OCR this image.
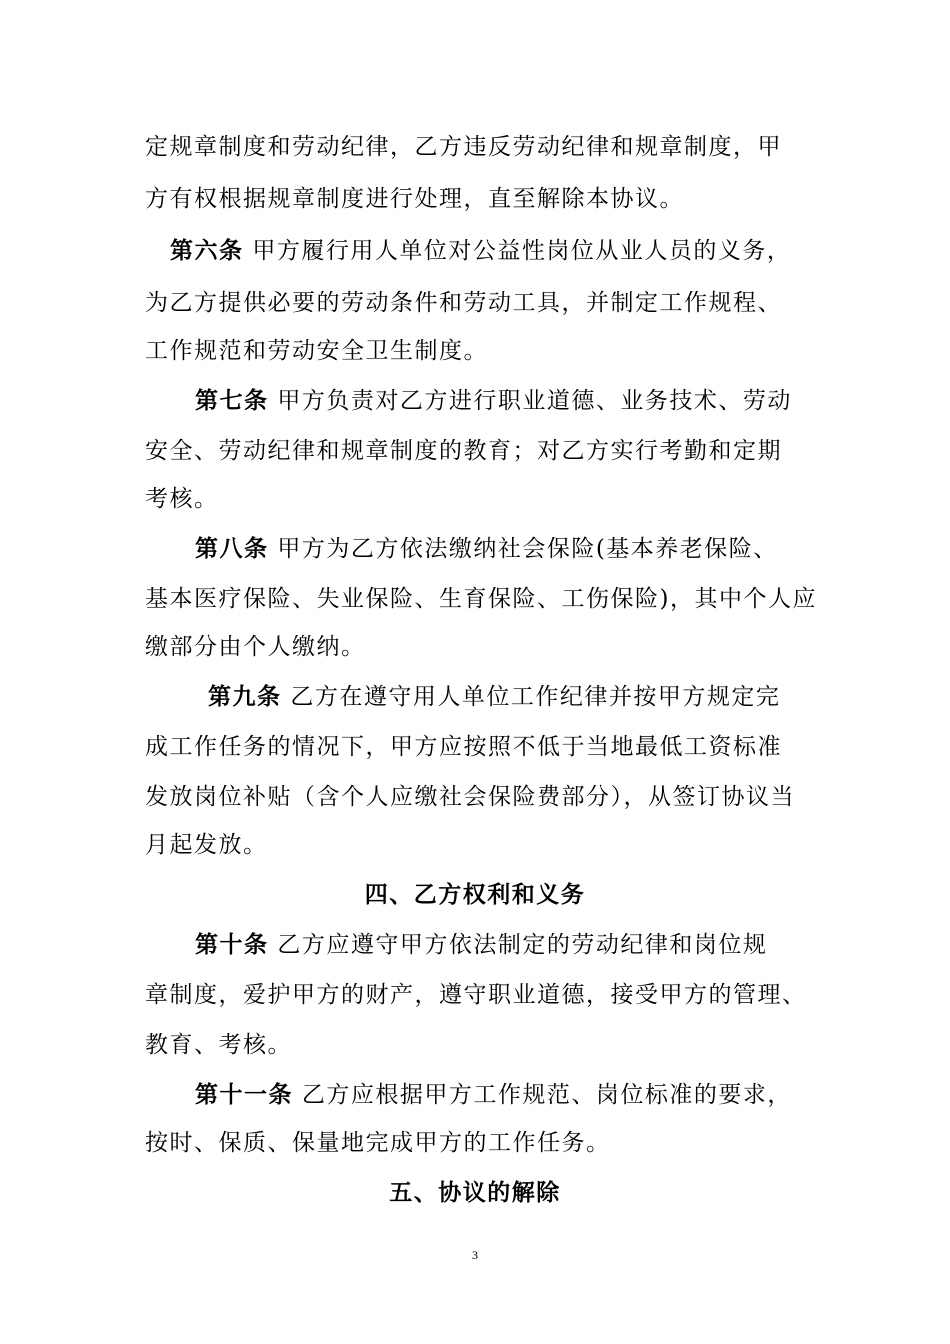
定规章制度和劳动纪律，乙方违反劳动纪律和规章制度，甲
方有权根据规章制度进行处理，直至解除本协议。
第六条 甲方履行用人单位对公益性岗位从业人员的义务，
为乙方提供必要的劳动条件和劳动工具，并制定工作规程、
工作规范和劳动安全卫生制度。
第七条 甲方负责对乙方进行职业道德、业务技术、劳动
安全、劳动纪律和规章制度的教育；对乙方实行考勤和定期
考核。
第八条 甲方为乙方依法缴纳社会保险(基本养老保险、
基本医疗保险、失业保险、生育保险、工伤保险)，其中个人应
缴部分由个人缴纳。
第九条 乙方在遵守用人单位工作纪律并按甲方规定完
成工作任务的情况下，甲方应按照不低于当地最低工资标准
发放岗位补贴（含个人应缴社会保险费部分），从签订协议当
月起发放。
四、乙方权利和义务
第十条 乙方应遵守甲方依法制定的劳动纪律和岗位规
章制度，爱护甲方的财产，遵守职业道德，接受甲方的管理、
教育、考核。
第十一条 乙方应根据甲方工作规范、岗位标准的要求，
按时、保质、保量地完成甲方的工作任务。
五、协议的解除
3
